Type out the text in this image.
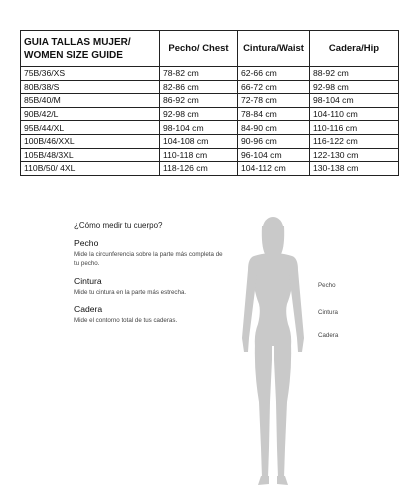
GUIA TALLAS MUJER/
WOMEN SIZE GUIDE	Pecho/ Chest	Cintura/Waist	Cadera/Hip
75B/36/XS	78-82 cm	62-66 cm	88-92 cm
80B/38/S	82-86 cm	66-72 cm	92-98 cm
85B/40/M	86-92 cm	72-78 cm	98-104 cm
90B/42/L	92-98 cm	78-84 cm	104-110 cm
95B/44/XL	98-104 cm	84-90 cm	110-116 cm
100B/46/XXL	104-108 cm	90-96 cm	116-122 cm
105B/48/3XL	110-118 cm	96-104 cm	122-130 cm
110B/50/ 4XL	118-126 cm	104-112 cm	130-138 cm
¿Cómo medir tu cuerpo?
Pecho
Mide la circunferencia sobre la parte más completa de tu pecho.
Cintura
Mide tu cintura en la parte más estrecha.
Cadera
Mide el contorno total de tus caderas.
Pecho
Cintura
Cadera
